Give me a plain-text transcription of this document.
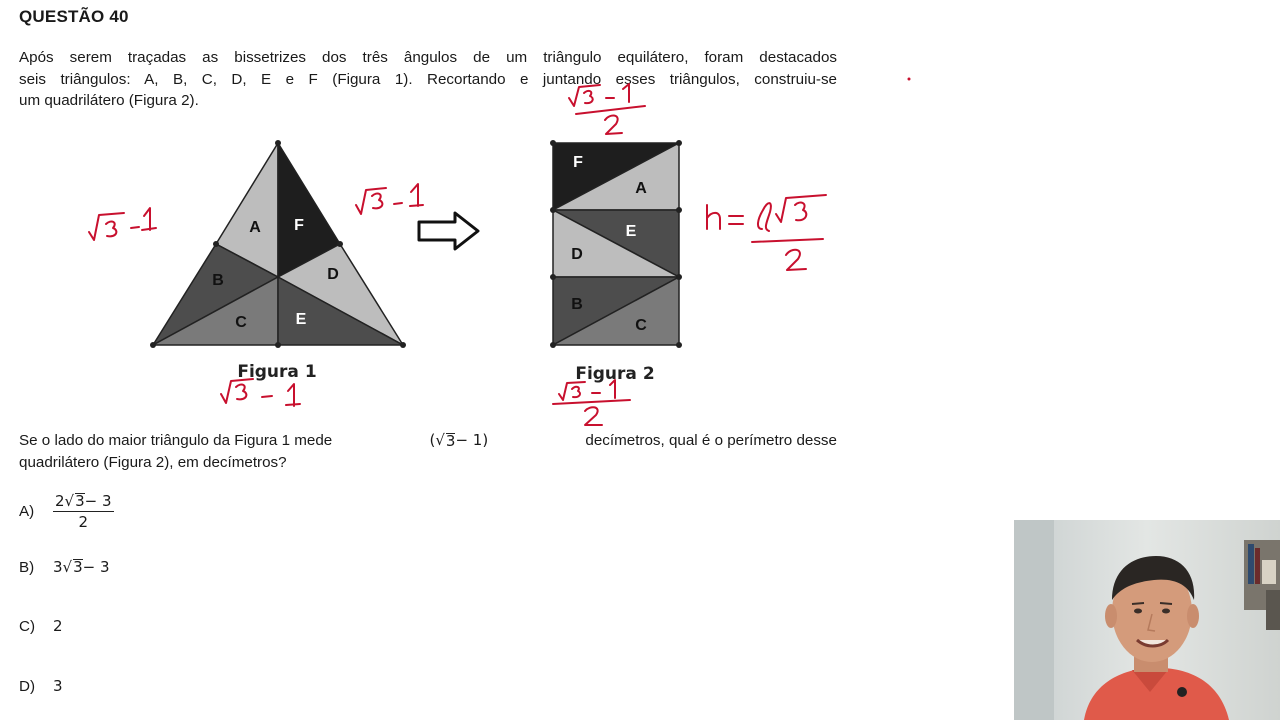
QUESTÃO 40
Após serem traçadas as bissetrizes dos três ângulos de um triângulo equilátero, foram destacados
seis triângulos: A, B, C, D, E e F (Figura 1). Recortando e juntando esses triângulos, construiu-se
um quadrilátero (Figura 2).
A F
B	D
C	E
Figura 1
F
A
E
D
B
C
Figura 2
Se o lado do maior triângulo da Figura 1 mede	(√ 3 − 1)	decímetros, qual é o perímetro desse
quadrilátero (Figura 2), em decímetros?
A)	$\frac{2 √ 3 - 3}{2}$
B)	3 √ 3 − 3
C)	2
D)	3
